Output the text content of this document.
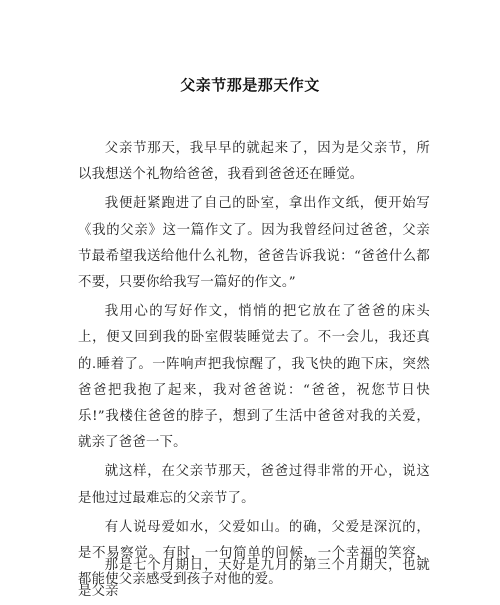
父亲节那是那天作文

父亲节那天，我早早的就起来了，因为是父亲节，所以我想送个礼物给爸爸，我看到爸爸还在睡觉。

我便赶紧跑进了自己的卧室，拿出作文纸，便开始写《我的父亲》这一篇作文了。因为我曾经问过爸爸，父亲节最希望我送给他什么礼物，爸爸告诉我说：“爸爸什么都不要，只要你给我写一篇好的作文。”

我用心的写好作文，悄悄的把它放在了爸爸的床头上，便又回到我的卧室假装睡觉去了。不一会儿，我还真的.睡着了。一阵响声把我惊醒了，我飞快的跑下床，突然爸爸把我抱了起来，我对爸爸说：“爸爸，祝您节日快乐!”我楼住爸爸的脖子，想到了生活中爸爸对我的关爱，就亲了爸爸一下。

就这样，在父亲节那天，爸爸过得非常的开心，说这是他过过最难忘的父亲节了。

有人说母爱如水，父爱如山。的确，父爱是深沉的，是不易察觉。有时，一句简单的问候，一个幸福的笑容，都能使父亲感受到孩子对他的爱。

那是七个月期日，天好是九月的第三个月期天，也就是父亲
